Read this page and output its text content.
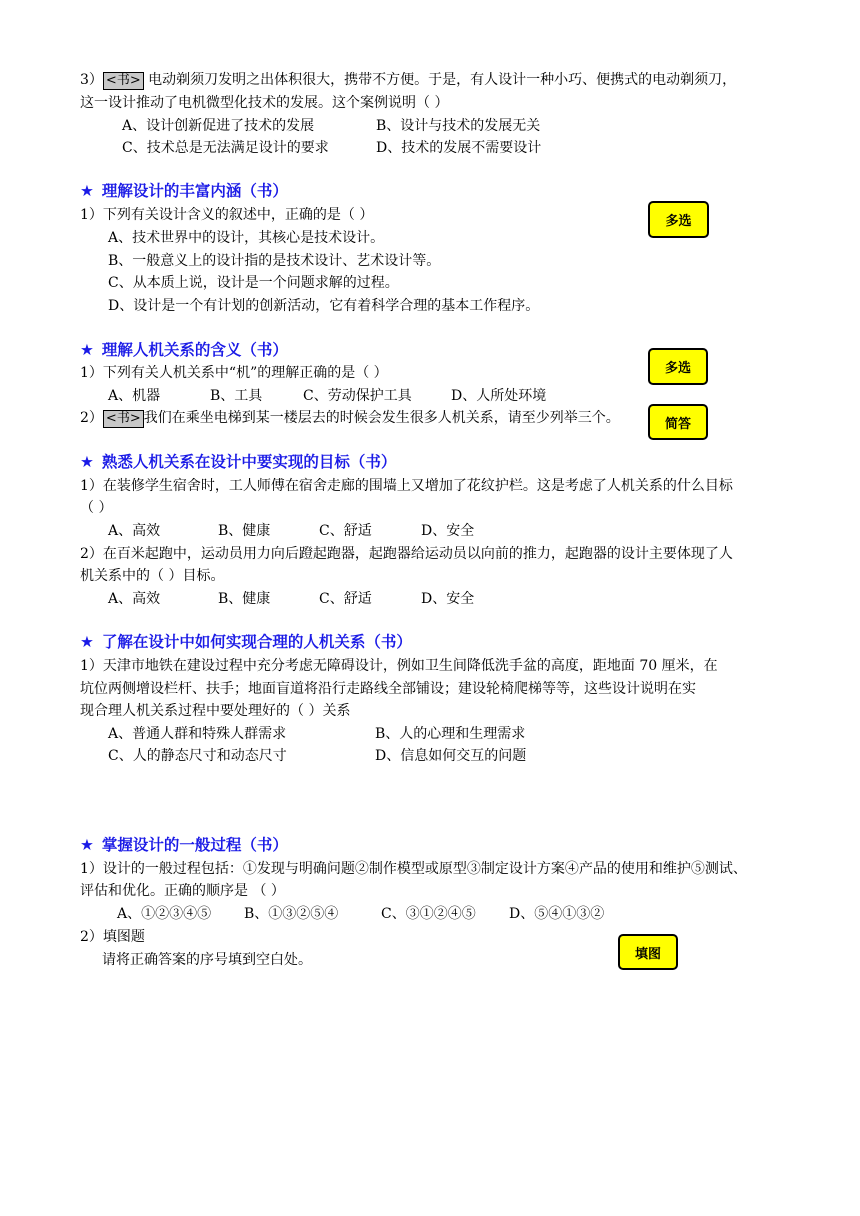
3） <书> 电动剃须刀发明之出体积很大，携带不方便。于是，有人设计一种小巧、便携式的电动剃须刀，
这一设计推动了电机微型化技术的发展。这个案例说明（ ）
A、设计创新促进了技术的发展	B、设计与技术的发展无关
C、技术总是无法满足设计的要求	D、技术的发展不需要设计
★ 理解设计的丰富内涵（书）
1）下列有关设计含义的叙述中，正确的是（ ）	多选
A、技术世界中的设计，其核心是技术设计。
B、一般意义上的设计指的是技术设计、艺术设计等。
C、从本质上说，设计是一个问题求解的过程。
D、设计是一个有计划的创新活动，它有着科学合理的基本工作程序。
★ 理解人机关系的含义（书）
1）下列有关人机关系中“机”的理解正确的是（ ）	多选
A、机器	B、工具	C、劳动保护工具	D、人所处环境
2） <书> 我们在乘坐电梯到某一楼层去的时候会发生很多人机关系，请至少列举三个。	简答
★ 熟悉人机关系在设计中要实现的目标（书）
1）在装修学生宿舍时，工人师傅在宿舍走廊的围墙上又增加了花纹护栏。这是考虑了人机关系的什么目标
（ ）
A、高效	B、健康	C、舒适	D、安全
2）在百米起跑中，运动员用力向后蹬起跑器，起跑器给运动员以向前的推力，起跑器的设计主要体现了人
机关系中的（ ）目标。
A、高效	B、健康	C、舒适	D、安全
★ 了解在设计中如何实现合理的人机关系（书）
1）天津市地铁在建设过程中充分考虑无障碍设计，例如卫生间降低洗手盆的高度，距地面 70 厘米，在
坑位两侧增设栏杆、扶手；地面盲道将沿行走路线全部铺设；建设轮椅爬梯等等，这些设计说明在实
现合理人机关系过程中要处理好的（ ）关系
A、普通人群和特殊人群需求	B、人的心理和生理需求
C、人的静态尺寸和动态尺寸	D、信息如何交互的问题
★ 掌握设计的一般过程（书）
1）设计的一般过程包括：①发现与明确问题②制作模型或原型③制定设计方案④产品的使用和维护⑤测试、
评估和优化。正确的顺序是 （ ）
A、①②③④⑤ B、①③②⑤④	C、③①②④⑤ D、⑤④①③②
2）填图题
请将正确答案的序号填到空白处。	填图
